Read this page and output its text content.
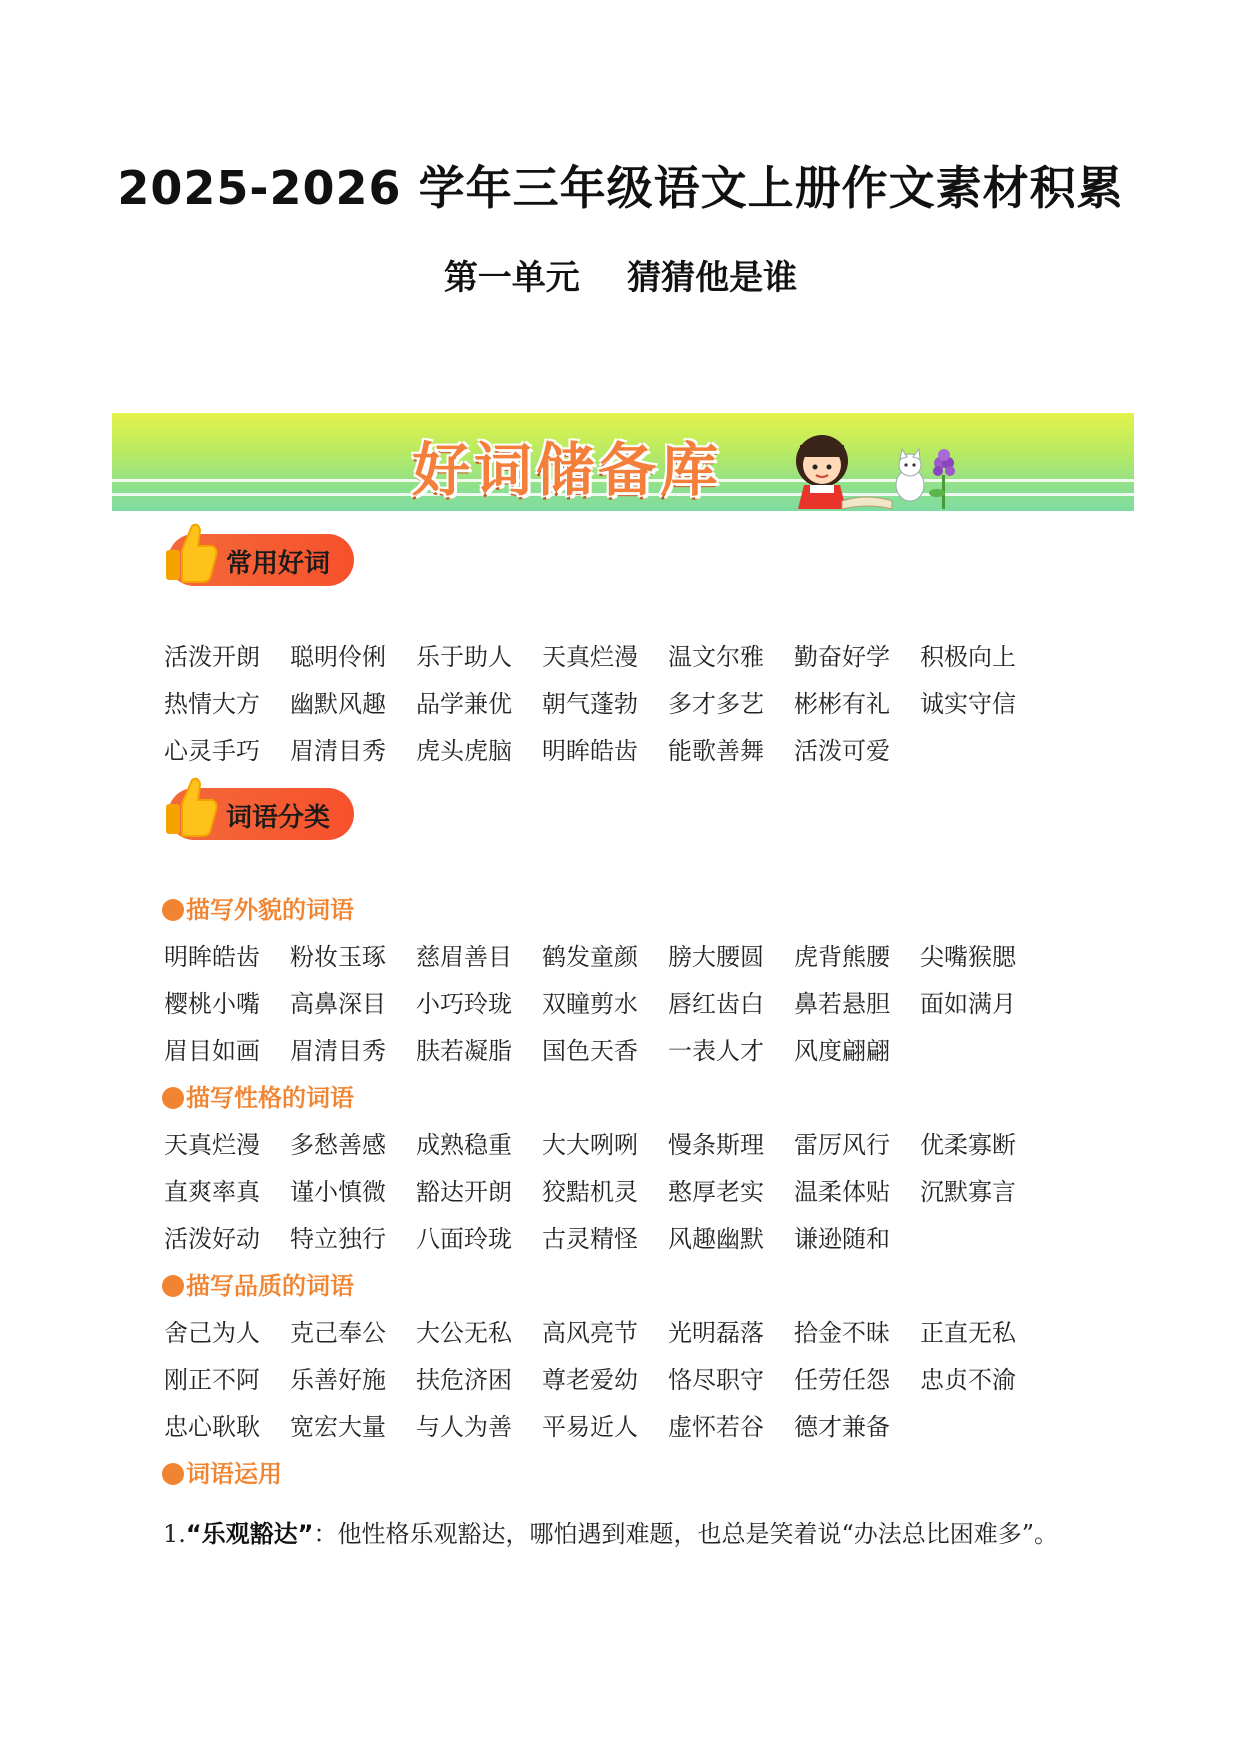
2025-2026 学年三年级语文上册作文素材积累
第一单元    猜猜他是谁
好词储备库
常用好词
活泼开朗	聪明伶俐	乐于助人	天真烂漫	温文尔雅	勤奋好学	积极向上
热情大方	幽默风趣	品学兼优	朝气蓬勃	多才多艺	彬彬有礼	诚实守信
心灵手巧	眉清目秀	虎头虎脑	明眸皓齿	能歌善舞	活泼可爱
词语分类
描写外貌的词语
明眸皓齿	粉妆玉琢	慈眉善目	鹤发童颜	膀大腰圆	虎背熊腰	尖嘴猴腮
樱桃小嘴	高鼻深目	小巧玲珑	双瞳剪水	唇红齿白	鼻若悬胆	面如满月
眉目如画	眉清目秀	肤若凝脂	国色天香	一表人才	风度翩翩
描写性格的词语
天真烂漫	多愁善感	成熟稳重	大大咧咧	慢条斯理	雷厉风行	优柔寡断
直爽率真	谨小慎微	豁达开朗	狡黠机灵	憨厚老实	温柔体贴	沉默寡言
活泼好动	特立独行	八面玲珑	古灵精怪	风趣幽默	谦逊随和
描写品质的词语
舍己为人	克己奉公	大公无私	高风亮节	光明磊落	拾金不昧	正直无私
刚正不阿	乐善好施	扶危济困	尊老爱幼	恪尽职守	任劳任怨	忠贞不渝
忠心耿耿	宽宏大量	与人为善	平易近人	虚怀若谷	德才兼备
词语运用
1.“乐观豁达”：他性格乐观豁达，哪怕遇到难题，也总是笑着说“办法总比困难多”。
